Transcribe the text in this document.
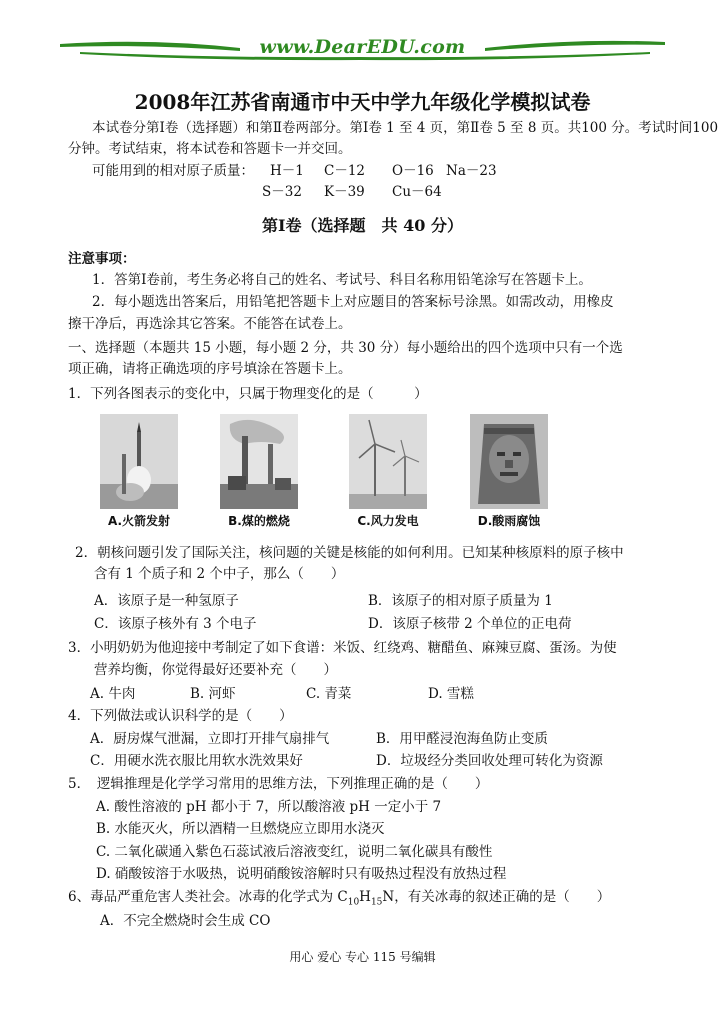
www.DearEDU.com
2008年江苏省南通市中天中学九年级化学模拟试卷
本试卷分第Ⅰ卷（选择题）和第Ⅱ卷两部分。第Ⅰ卷 1 至 4 页，第Ⅱ卷 5 至 8 页。共100 分。考试时间100
分钟。考试结束，将本试卷和答题卡一并交回。
可能用到的相对原子质量： H－1 C－12 O－16 Na－23
S－32 K－39 Cu－64
第Ⅰ卷（选择题　共 40 分）
注意事项：
1．答第Ⅰ卷前，考生务必将自己的姓名、考试号、科目名称用铅笔涂写在答题卡上。
2．每小题选出答案后，用铅笔把答题卡上对应题目的答案标号涂黑。如需改动，用橡皮
擦干净后，再选涂其它答案。不能答在试卷上。
一、选择题（本题共 15 小题，每小题 2 分，共 30 分）每小题给出的四个选项中只有一个选
项正确，请将正确选项的序号填涂在答题卡上。
1．下列各图表示的变化中，只属于物理变化的是（　　　）
A.火箭发射	B.煤的燃烧	C.风力发电	D.酸雨腐蚀
2．朝核问题引发了国际关注，核问题的关键是核能的如何利用。已知某种核原料的原子核中
含有 1 个质子和 2 个中子，那么（　　）
A．该原子是一种氢原子	B．该原子的相对原子质量为 1
C．该原子核外有 3 个电子	D．该原子核带 2 个单位的正电荷
3．小明奶奶为他迎接中考制定了如下食谱：米饭、红绕鸡、糖醋鱼、麻辣豆腐、蛋汤。为使
营养均衡，你觉得最好还要补充（　　）
A. 牛肉	B. 河虾	C. 青菜	D. 雪糕
4．下列做法或认识科学的是（　　）
A．厨房煤气泄漏，立即打开排气扇排气	B．用甲醛浸泡海鱼防止变质
C．用硬水洗衣服比用软水洗效果好	D．垃圾经分类回收处理可转化为资源
5．　逻辑推理是化学学习常用的思维方法，下列推理正确的是（　　）
A. 酸性溶液的 pH 都小于 7，所以酸溶液 pH 一定小于 7
B. 水能灭火，所以酒精一旦燃烧应立即用水浇灭
C. 二氧化碳通入紫色石蕊试液后溶液变红，说明二氧化碳具有酸性
D. 硝酸铵溶于水吸热，说明硝酸铵溶解时只有吸热过程没有放热过程
6、毒品严重危害人类社会。冰毒的化学式为 $C_{10}H_{15}N$，有关冰毒的叙述正确的是（　　）
A．不完全燃烧时会生成 CO
用心 爱心 专心 115 号编辑
